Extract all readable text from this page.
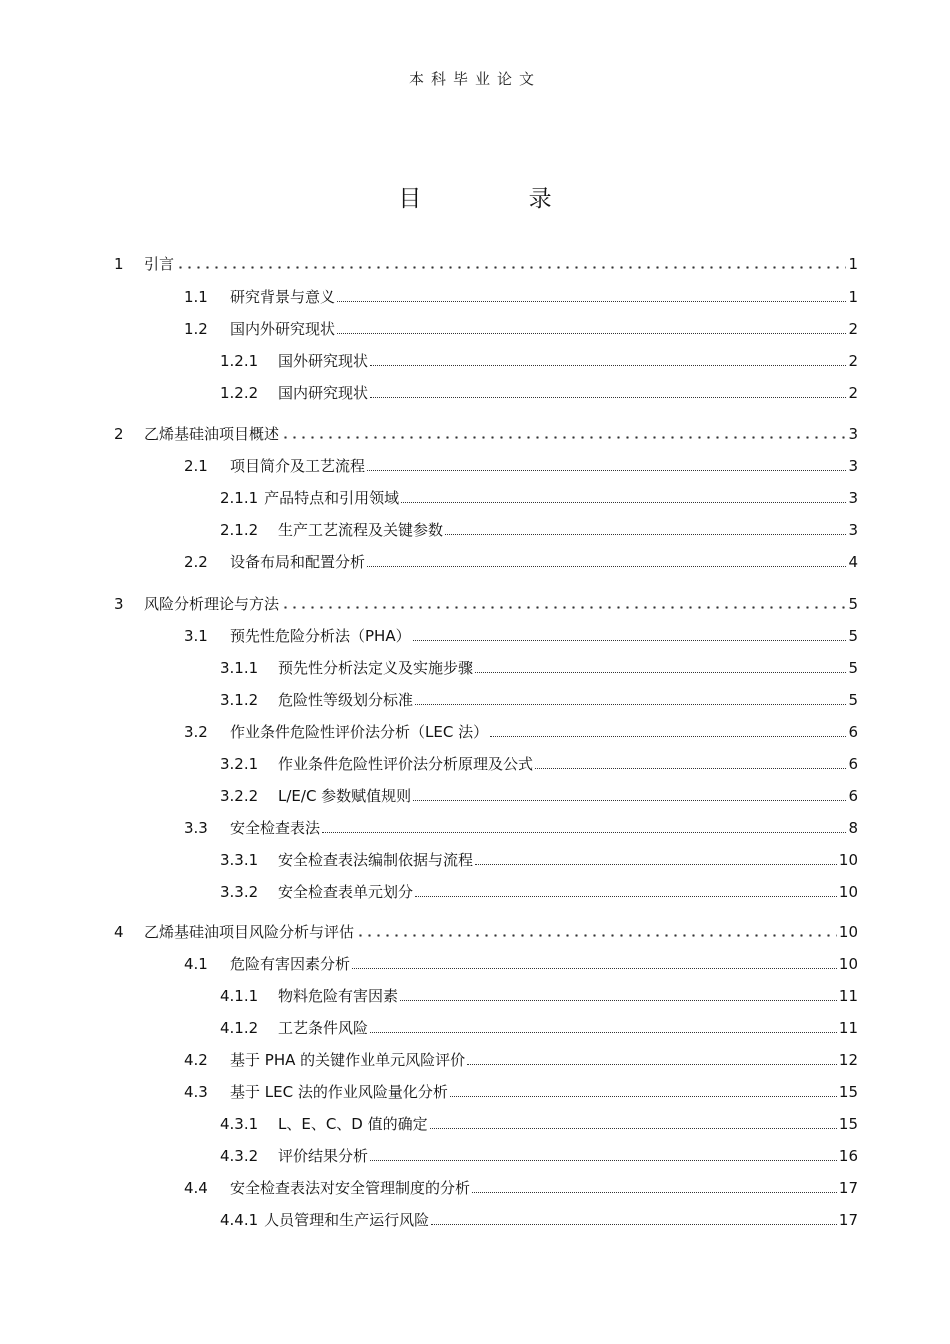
本科毕业论文
目 录
1	引言	1
1.1	研究背景与意义	1
1.2	国内外研究现状	2
1.2.1	国外研究现状	2
1.2.2	国内研究现状	2
2	乙烯基硅油项目概述	3
2.1	项目简介及工艺流程	3
2.1.1 产品特点和引用领域	3
2.1.2	生产工艺流程及关键参数	3
2.2	设备布局和配置分析	4
3	风险分析理论与方法	5
3.1	预先性危险分析法（PHA）	5
3.1.1	预先性分析法定义及实施步骤	5
3.1.2	危险性等级划分标准	5
3.2	作业条件危险性评价法分析（LEC 法）	6
3.2.1	作业条件危险性评价法分析原理及公式	6
3.2.2	L/E/C 参数赋值规则	6
3.3	安全检查表法	8
3.3.1	安全检查表法编制依据与流程	10
3.3.2	安全检查表单元划分	10
4	乙烯基硅油项目风险分析与评估	10
4.1	危险有害因素分析	10
4.1.1	物料危险有害因素	11
4.1.2	工艺条件风险	11
4.2	基于 PHA 的关键作业单元风险评价	12
4.3	基于 LEC 法的作业风险量化分析	15
4.3.1	L、E、C、D 值的确定	15
4.3.2	评价结果分析	16
4.4	安全检查表法对安全管理制度的分析	17
4.4.1 人员管理和生产运行风险	17
